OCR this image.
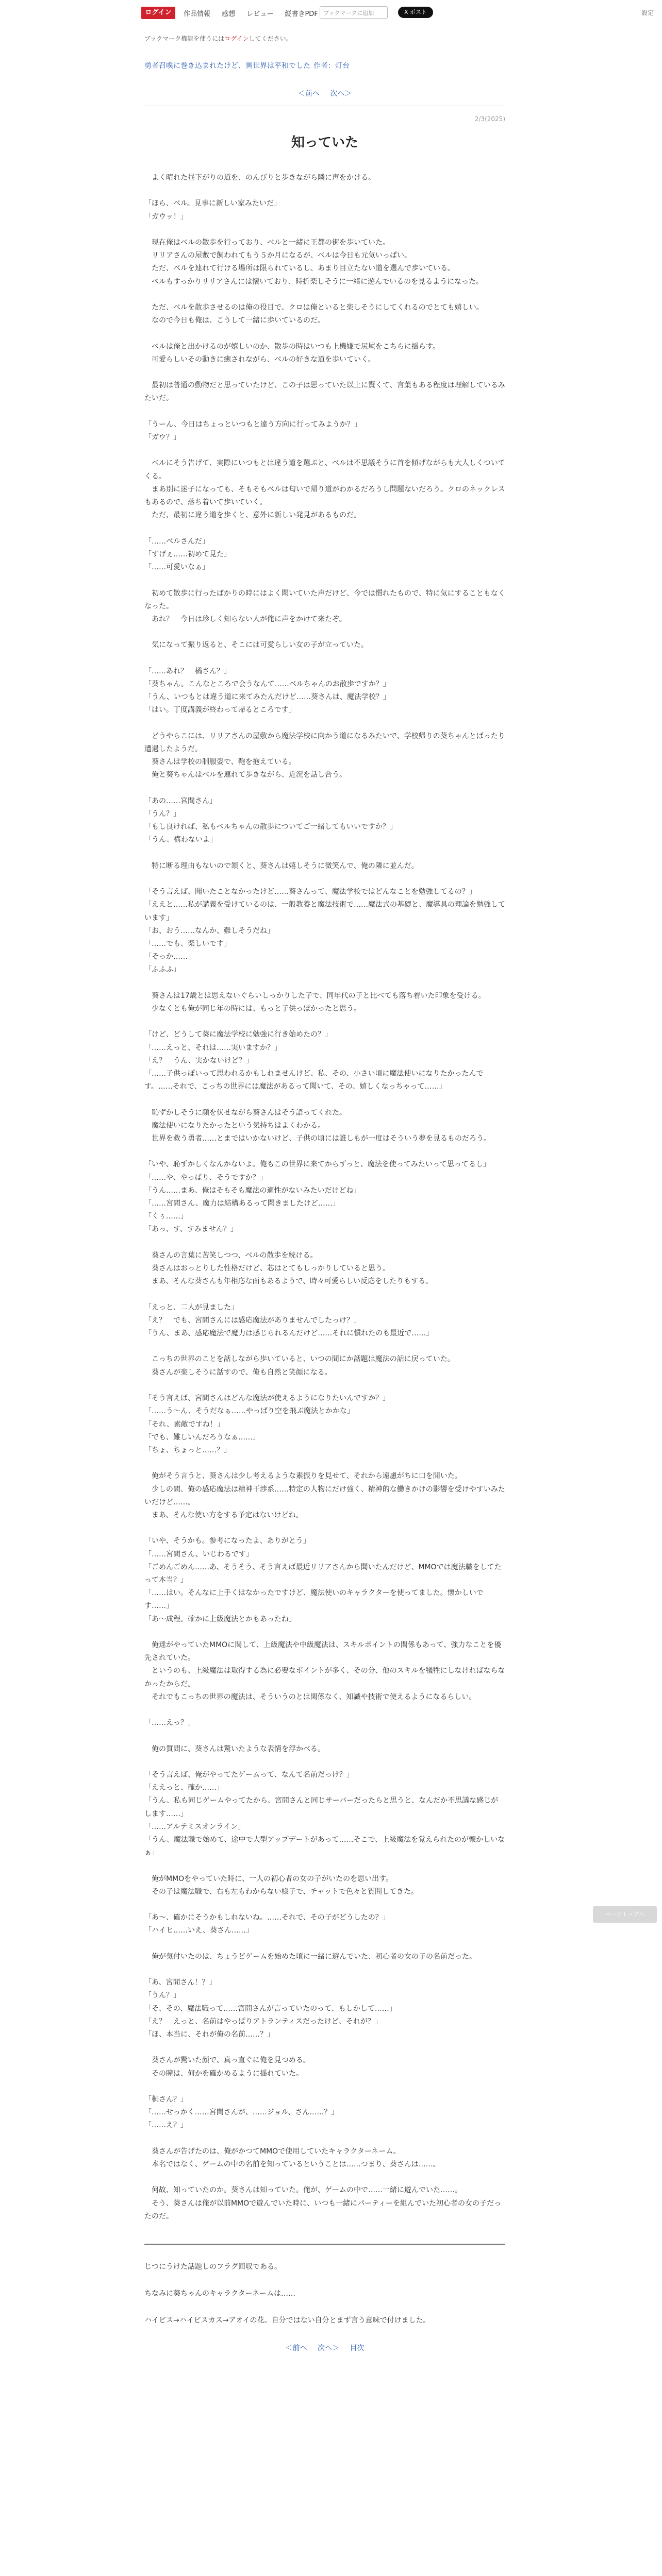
ログイン	作品情報 感想 レビュー 縦書きPDF ブックマークに追加	X ポスト	設定
ブックマーク機能を使うにはログインしてください。
勇者召喚に巻き込まれたけど、異世界は平和でした 作者：灯台
＜前へ 次へ＞
2/3(2025)
知っていた
　よく晴れた昼下がりの道を、のんびりと歩きながら隣に声をかける。

「ほら、ベル。見事に新しい家みたいだ」
「ガウッ！」

　現在俺はベルの散歩を行っており、ベルと一緒に王都の街を歩いていた。
　リリアさんの屋敷で飼われてもう５か月になるが、ベルは今日も元気いっぱい。
　ただ、ベルを連れて行ける場所は限られているし、あまり目立たない道を選んで歩いている。
　ベルもすっかりリリアさんには懐いており、時折楽しそうに一緒に遊んでいるのを見るようになった。

　ただ、ベルを散歩させるのは俺の役目で、クロは俺といると楽しそうにしてくれるのでとても嬉しい。
　なので今日も俺は、こうして一緒に歩いているのだ。

　ベルは俺と出かけるのが嬉しいのか、散歩の時はいつも上機嫌で尻尾をこちらに揺らす。
　可愛らしいその動きに癒されながら、ベルの好きな道を歩いていく。

　最初は普通の動物だと思っていたけど、この子は思っていた以上に賢くて、言葉もある程度は理解しているみたいだ。

「うーん、今日はちょっといつもと違う方向に行ってみようか？」
「ガウ？」

　ベルにそう告げて、実際にいつもとは違う道を選ぶと、ベルは不思議そうに首を傾げながらも大人しくついてくる。
　まあ別に迷子になっても、そもそもベルは匂いで帰り道がわかるだろうし問題ないだろう。クロのネックレスもあるので、落ち着いて歩いていく。
　ただ、最初に違う道を歩くと、意外に新しい発見があるものだ。

「……ベルさんだ」
「すげぇ……初めて見た」
「……可愛いなぁ」

　初めて散歩に行ったばかりの時にはよく聞いていた声だけど、今では慣れたもので、特に気にすることもなくなった。
　あれ？　今日は珍しく知らない人が俺に声をかけて来たぞ。

　気になって振り返ると、そこには可愛らしい女の子が立っていた。

「……あれ？　橘さん？」
「葵ちゃん。こんなところで会うなんて……ベルちゃんのお散歩ですか？」
「うん、いつもとは違う道に来てみたんだけど……葵さんは、魔法学校？」
「はい。丁度講義が終わって帰るところです」

　どうやらこには、リリアさんの屋敷から魔法学校に向かう道になるみたいで、学校帰りの葵ちゃんとばったり遭遇したようだ。
　葵さんは学校の制服姿で、鞄を抱えている。
　俺と葵ちゃんはベルを連れて歩きながら、近況を話し合う。

「あの……宮間さん」
「うん？」
「もし良ければ、私もベルちゃんの散歩についてご一緒してもいいですか？」
「うん、構わないよ」

　特に断る理由もないので頷くと、葵さんは嬉しそうに微笑んで、俺の隣に並んだ。

「そう言えば、聞いたことなかったけど……葵さんって、魔法学校ではどんなことを勉強してるの？」
「ええと……私が講義を受けているのは、一般教養と魔法技術で……魔法式の基礎と、魔導具の理論を勉強しています」
「お、おう……なんか、難しそうだね」
「……でも、楽しいです」
「そっか……」
「ふふふ」

　葵さんは17歳とは思えないぐらいしっかりした子で、同年代の子と比べても落ち着いた印象を受ける。
　少なくとも俺が同じ年の時には、もっと子供っぽかったと思う。

「けど、どうして葵に魔法学校に勉強に行き始めたの？」
「……えっと、それは……実いますか？」
「え？　うん、実かないけど？」
「……子供っぽいって思われるかもしれませんけど、私、その、小さい頃に魔法使いになりたかったんです。……それで、こっちの世界には魔法があるって聞いて、その、嬉しくなっちゃって……」

　恥ずかしそうに顔を伏せながら葵さんはそう語ってくれた。
　魔法使いになりたかったという気持ちはよくわかる。
　世界を救う勇者……とまではいかないけど、子供の頃には誰しもが一度はそういう夢を見るものだろう。

「いや、恥ずかしくなんかないよ。俺もこの世界に来てからずっと、魔法を使ってみたいって思ってるし」
「……や、やっぱり、そうですか？」
「うん……まあ、俺はそもそも魔法の適性がないみたいだけどね」
「……宮間さん、魔力は結構あるって聞きましたけど……」
「くぅ……」
「あっ、す、すみません？」

　葵さんの言葉に苦笑しつつ、ベルの散歩を続ける。
　葵さんはおっとりした性格だけど、芯はとてもしっかりしていると思う。
　まあ、そんな葵さんも年相応な面もあるようで、時々可愛らしい反応をしたりもする。

「えっと、二人が見ました」
「え？　でも、宮間さんには感応魔法がありませんでしたっけ？」
「うん、まあ、感応魔法で魔力は感じられるんだけど……それに慣れたのも最近で……」

　こっちの世界のことを話しながら歩いていると、いつの間にか話題は魔法の話に戻っていた。
　葵さんが楽しそうに話すので、俺も自然と笑顔になる。

「そう言えば、宮間さんはどんな魔法が使えるようになりたいんですか？」
「……う～ん、そうだなぁ……やっぱり空を飛ぶ魔法とかかな」
「それ、素敵ですね！」
「でも、難しいんだろうなぁ……」
「ちょ、ちょっと……？」

　俺がそう言うと、葵さんは少し考えるような素振りを見せて、それから遠慮がちに口を開いた。
　少しの間、俺の感応魔法は精神干渉系……特定の人物にだけ強く、精神的な働きかけの影響を受けやすいみたいだけど……。
　まあ、そんな使い方をする予定はないけどね。

「いや、そうかも。参考になったよ、ありがとう」
「……宮間さん、いじわるです」
「ごめんごめん……あ、そうそう、そう言えば最近リリアさんから聞いたんだけど、MMOでは魔法職をしてたって本当？」
「……はい。そんなに上手くはなかったですけど、魔法使いのキャラクターを使ってました。懐かしいです……」
「あ～成程。確かに上級魔法とかもあったね」

　俺達がやっていたMMOに関して、上級魔法や中級魔法は、スキルポイントの関係もあって、強力なことを優先されていた。
　というのも、上級魔法は取得する為に必要なポイントが多く、その分、他のスキルを犠牲にしなければならなかったからだ。
　それでもこっちの世界の魔法は、そういうのとは関係なく、知識や技術で使えるようになるらしい。

「……えっ？」

　俺の質問に、葵さんは驚いたような表情を浮かべる。

「そう言えば、俺がやってたゲームって、なんて名前だっけ？」
「ええっと、確か……」
「うん、私も同じゲームやってたから、宮間さんと同じサーバーだったらと思うと、なんだか不思議な感じがします……」
「……アルテミスオンライン」
「うん、魔法職で始めて、途中で大型アップデートがあって……そこで、上級魔法を覚えられたのが懐かしいなぁ」

　俺がMMOをやっていた時に、一人の初心者の女の子がいたのを思い出す。
　その子は魔法職で、右も左もわからない様子で、チャットで色々と質問してきた。

「あ～、確かにそうかもしれないね。……それで、その子がどうしたの？」
「ハイヒ……いえ、葵さん……」

　俺が気付いたのは、ちょうどゲームを始めた頃に一緒に遊んでいた、初心者の女の子の名前だった。

「あ、宮間さん！？」
「うん？」
「そ、その、魔法職って……宮間さんが言っていたのって、もしかして……」
「え？　えっと、名前はやっぱりアトランティスだったけど、それが？」
「ほ、本当に、それが俺の名前……？」

　葵さんが驚いた顔で、真っ直ぐに俺を見つめる。
　その瞳は、何かを確かめるように揺れていた。

「桐さん？」
「……せっかく……宮間さんが、……ジョル、さん……？」
「……え？」

　葵さんが告げたのは、俺がかつてMMOで使用していたキャラクターネーム。
　本名ではなく、ゲームの中の名前を知っているということは……つまり、葵さんは……。

　何故、知っていたのか。葵さんは知っていた。俺が、ゲームの中で……一緒に遊んでいた……。
　そう、葵さんは俺が以前MMOで遊んでいた時に、いつも一緒にパーティーを組んでいた初心者の女の子だったのだ。
じつにうけた話題しのフラグ回収である。

ちなみに葵ちゃんのキャラクターネームは……

ハイビス→ハイビスカス→アオイの花。自分ではない自分とまず言う意味で付けました。
＜前へ 次へ＞ 目次
ページトップへ
